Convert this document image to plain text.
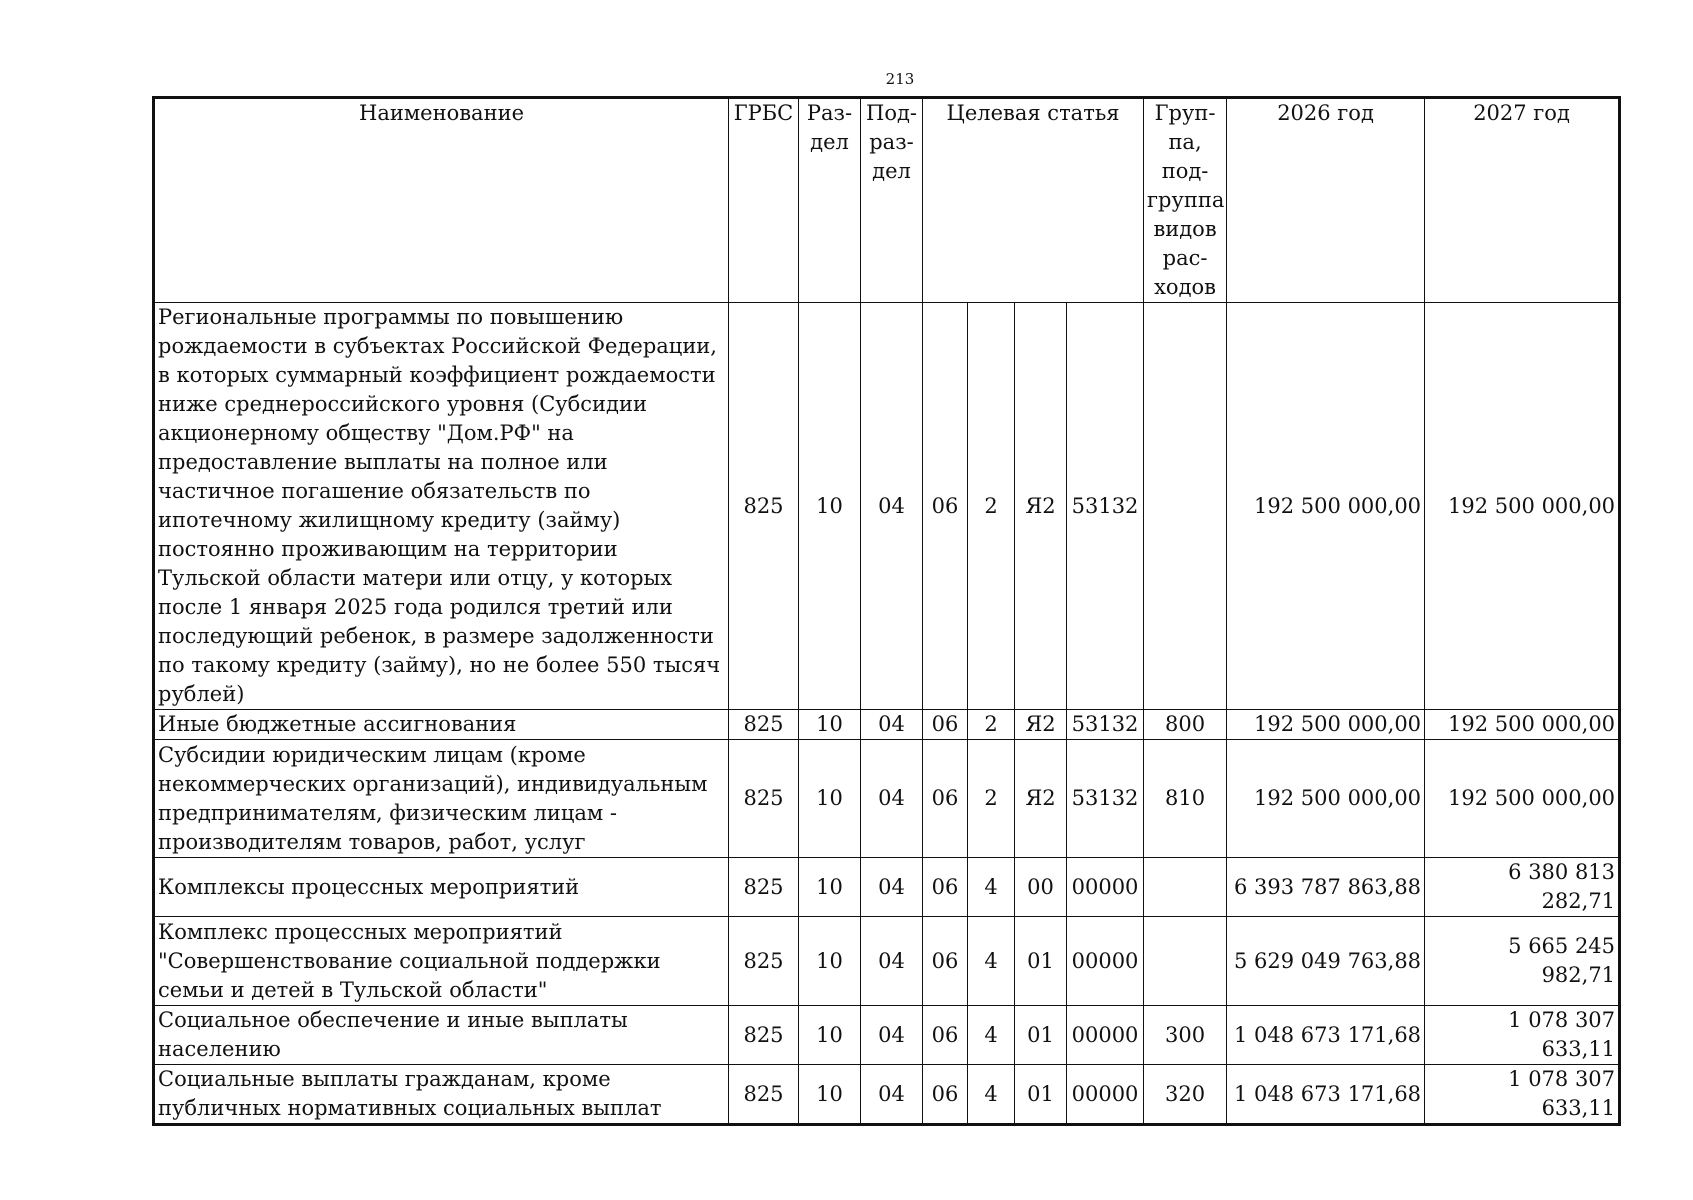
213
Наименование	ГРБС	Раз- дел	Под- раз- дел	Целевая статья				Груп- па, под- группа видов рас- ходов	2026 год	2027 год
Региональные программы по повышению рождаемости в субъектах Российской Федерации, в которых суммарный коэффициент рождаемости ниже среднероссийского уровня (Субсидии акционерному обществу "Дом.РФ" на предоставление выплаты на полное или частичное погашение обязательств по ипотечному жилищному кредиту (займу) постоянно проживающим на территории Тульской области матери или отцу, у которых после 1 января 2025 года родился третий или последующий ребенок, в размере задолженности по такому кредиту (займу), но не более 550 тысяч рублей)	825	10	04	06	2	Я2	53132		192 500 000,00	192 500 000,00
Иные бюджетные ассигнования	825	10	04	06	2	Я2	53132	800	192 500 000,00	192 500 000,00
Субсидии юридическим лицам (кроме некоммерческих организаций), индивидуальным предпринимателям, физическим лицам - производителям товаров, работ, услуг	825	10	04	06	2	Я2	53132	810	192 500 000,00	192 500 000,00
Комплексы процессных мероприятий	825	10	04	06	4	00	00000		6 393 787 863,88	6 380 813 282,71
Комплекс процессных мероприятий "Совершенствование социальной поддержки семьи и детей в Тульской области"	825	10	04	06	4	01	00000		5 629 049 763,88	5 665 245 982,71
Социальное обеспечение и иные выплаты населению	825	10	04	06	4	01	00000	300	1 048 673 171,68	1 078 307 633,11
Социальные выплаты гражданам, кроме публичных нормативных социальных выплат	825	10	04	06	4	01	00000	320	1 048 673 171,68	1 078 307 633,11
